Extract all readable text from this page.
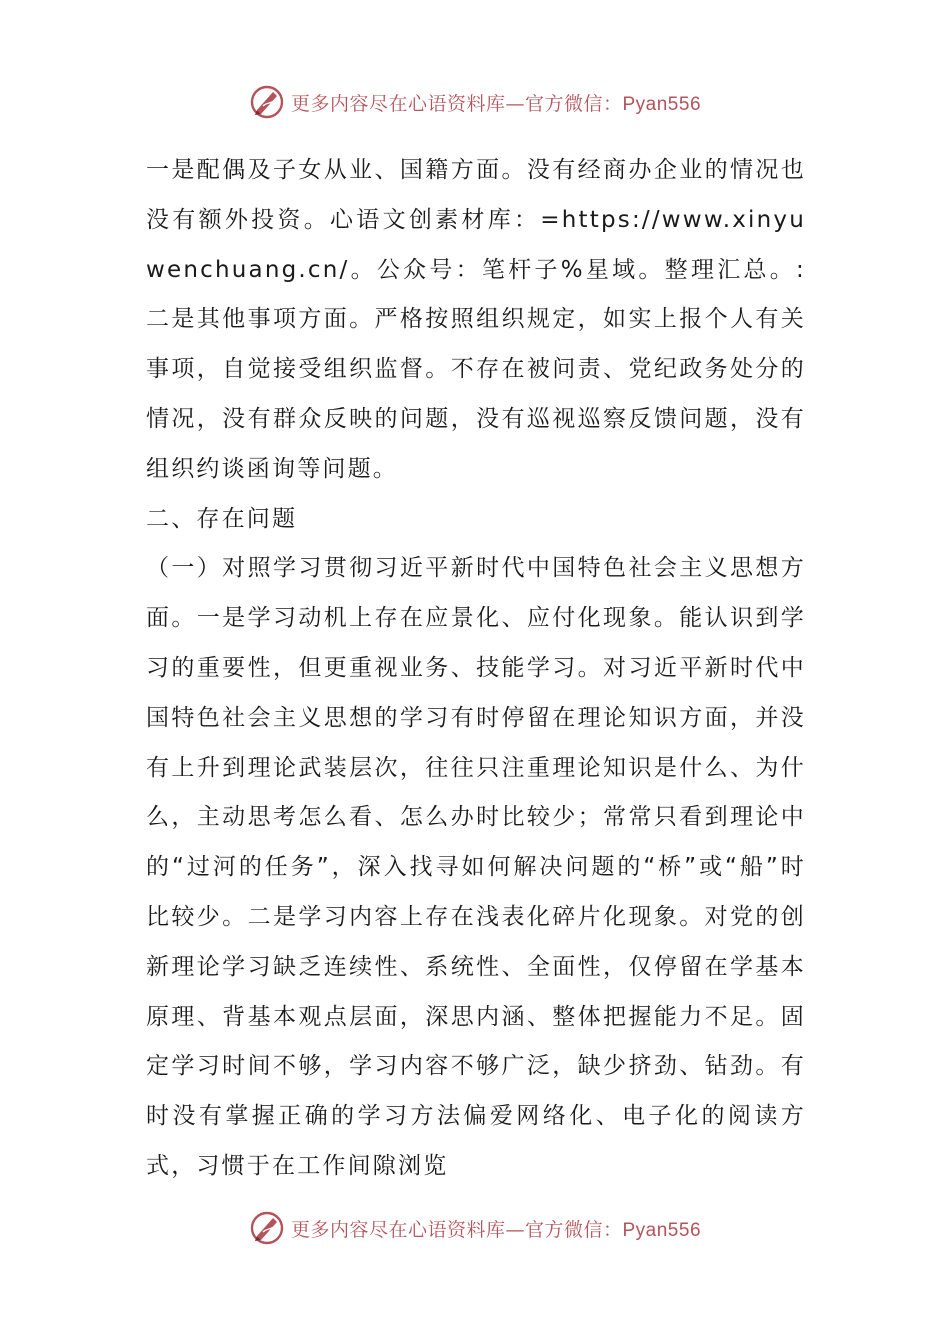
更多内容尽在心语资料库—官方微信：Pyan556

一是配偶及子女从业、国籍方面。没有经商办企业的情况也没有额外投资。心语文创素材库：=https://www.xinyuwenchuang.cn/。公众号：笔杆子%星域。整理汇总。:二是其他事项方面。严格按照组织规定，如实上报个人有关事项，自觉接受组织监督。不存在被问责、党纪政务处分的情况，没有群众反映的问题，没有巡视巡察反馈问题，没有组织约谈函询等问题。

二、存在问题

（一）对照学习贯彻习近平新时代中国特色社会主义思想方面。一是学习动机上存在应景化、应付化现象。能认识到学习的重要性，但更重视业务、技能学习。对习近平新时代中国特色社会主义思想的学习有时停留在理论知识方面，并没有上升到理论武装层次，往往只注重理论知识是什么、为什么，主动思考怎么看、怎么办时比较少；常常只看到理论中的“过河的任务”，深入找寻如何解决问题的“桥”或“船”时比较少。二是学习内容上存在浅表化碎片化现象。对党的创新理论学习缺乏连续性、系统性、全面性，仅停留在学基本原理、背基本观点层面，深思内涵、整体把握能力不足。固定学习时间不够，学习内容不够广泛，缺少挤劲、钻劲。有时没有掌握正确的学习方法偏爱网络化、电子化的阅读方式，习惯于在工作间隙浏览

更多内容尽在心语资料库—官方微信：Pyan556
